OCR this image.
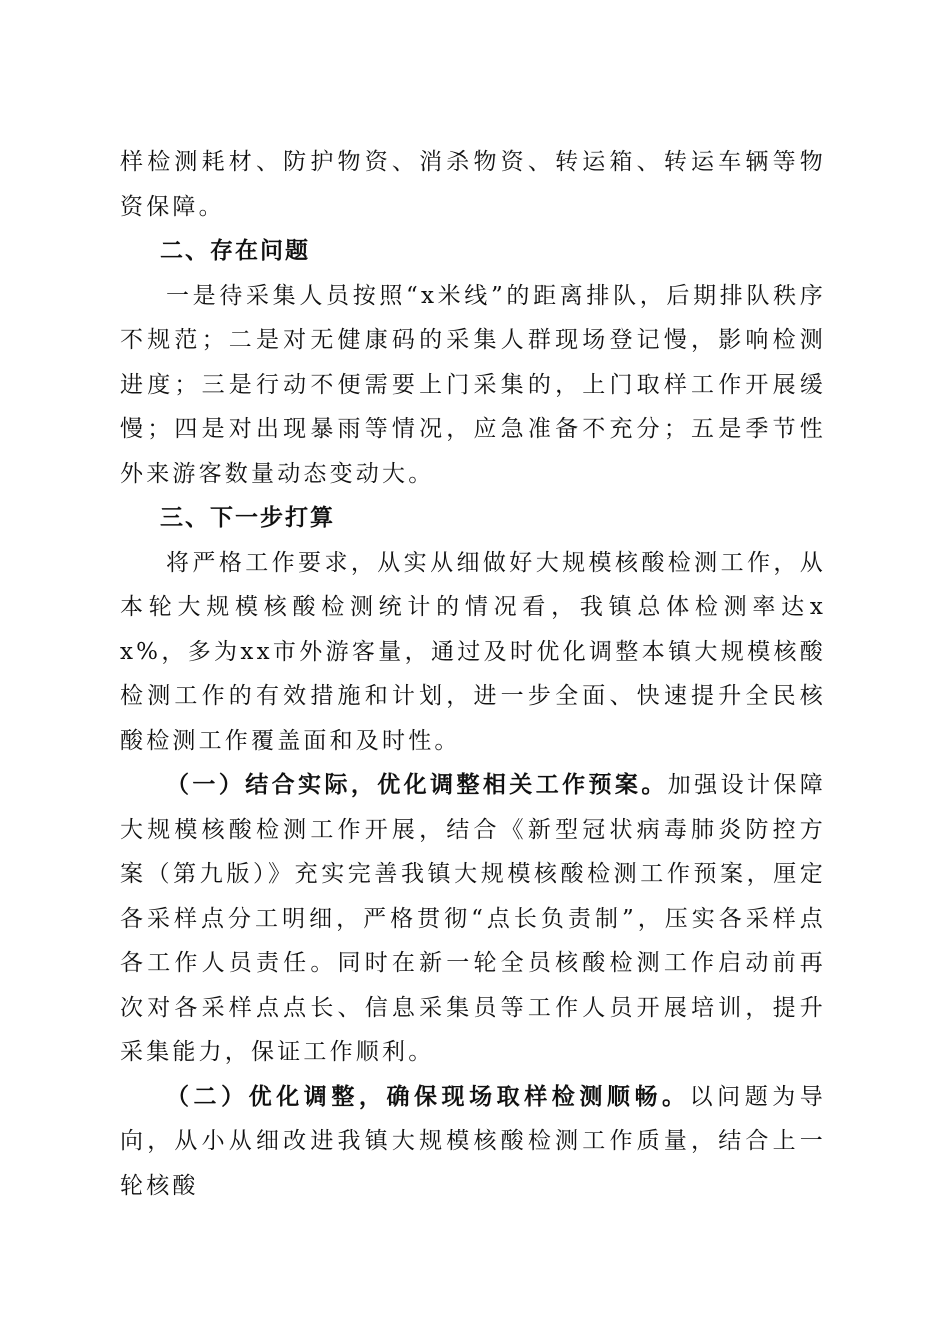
样检测耗材、防护物资、消杀物资、转运箱、转运车辆等物资保障。

二、存在问题

一是待采集人员按照“x米线”的距离排队，后期排队秩序不规范；二是对无健康码的采集人群现场登记慢，影响检测进度；三是行动不便需要上门采集的，上门取样工作开展缓慢；四是对出现暴雨等情况，应急准备不充分；五是季节性外来游客数量动态变动大。

三、下一步打算

将严格工作要求，从实从细做好大规模核酸检测工作，从本轮大规模核酸检测统计的情况看，我镇总体检测率达xx%，多为xx市外游客量，通过及时优化调整本镇大规模核酸检测工作的有效措施和计划，进一步全面、快速提升全民核酸检测工作覆盖面和及时性。

（一）结合实际，优化调整相关工作预案。加强设计保障大规模核酸检测工作开展，结合《新型冠状病毒肺炎防控方案（第九版）》充实完善我镇大规模核酸检测工作预案，厘定各采样点分工明细，严格贯彻“点长负责制”，压实各采样点各工作人员责任。同时在新一轮全员核酸检测工作启动前再次对各采样点点长、信息采集员等工作人员开展培训，提升采集能力，保证工作顺利。

（二）优化调整，确保现场取样检测顺畅。以问题为导向，从小从细改进我镇大规模核酸检测工作质量，结合上一轮核酸
